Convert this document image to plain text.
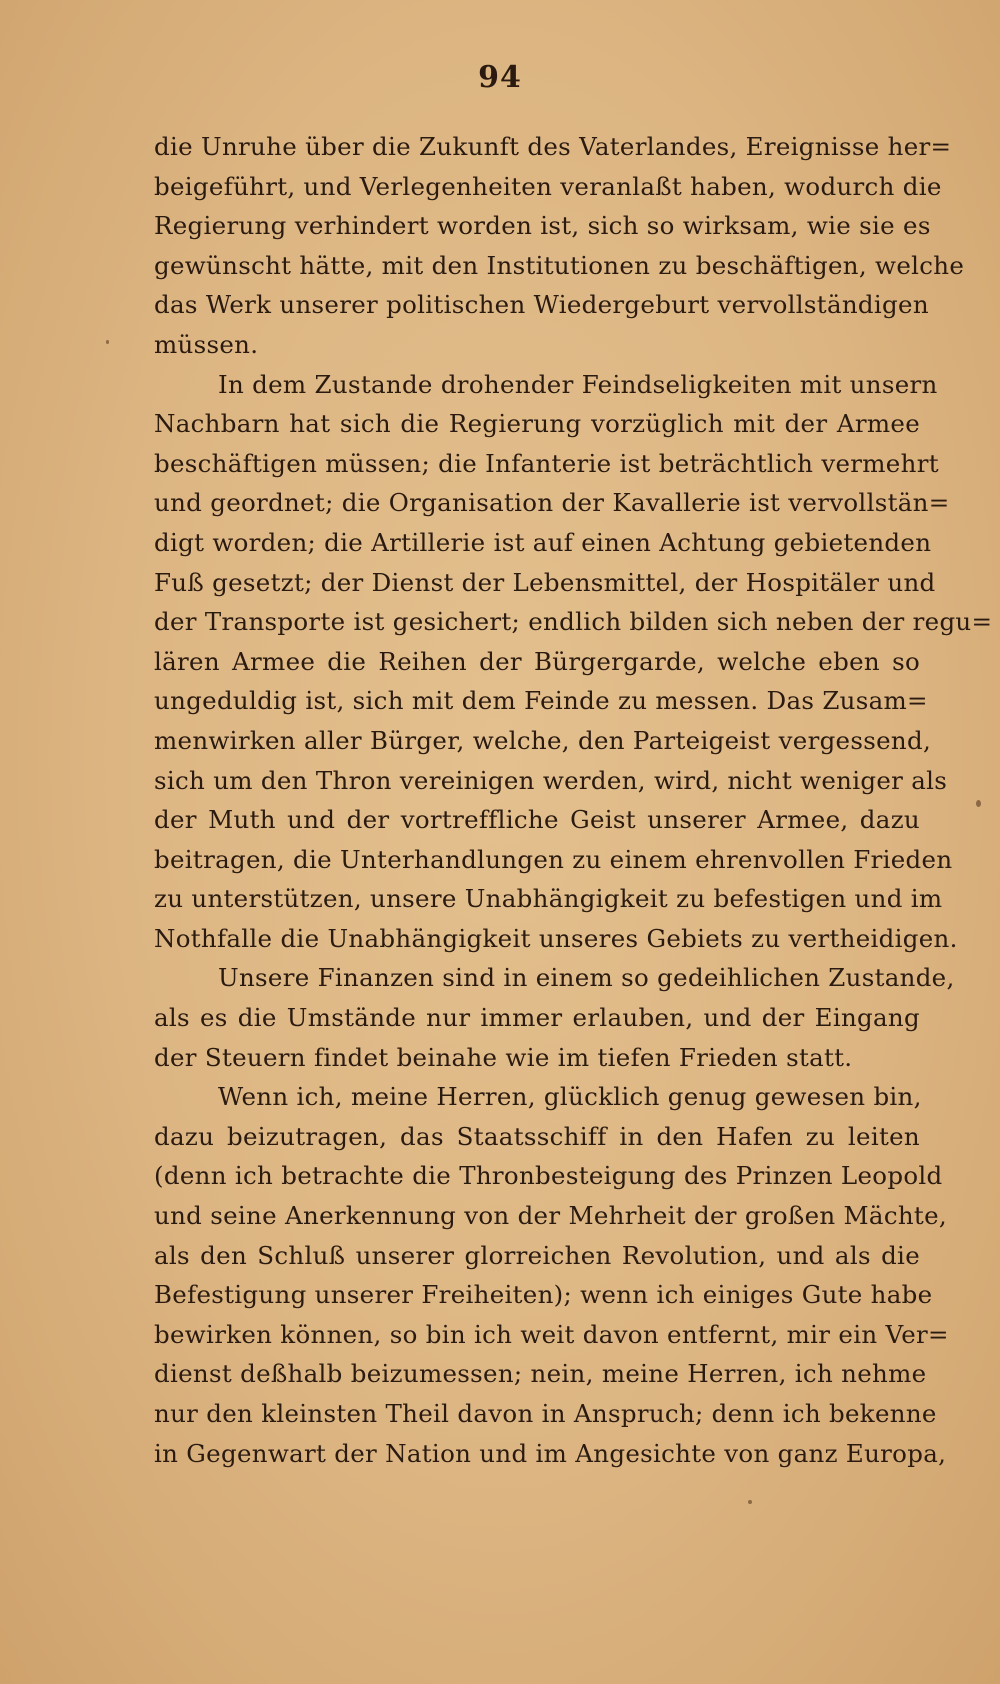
94
die Unruhe über die Zukunft des Vaterlandes, Ereignisse her=
beigeführt, und Verlegenheiten veranlaßt haben, wodurch die
Regierung verhindert worden ist, sich so wirksam, wie sie es
gewünscht hätte, mit den Institutionen zu beschäftigen, welche
das Werk unserer politischen Wiedergeburt vervollständigen
müssen.
In dem Zustande drohender Feindseligkeiten mit unsern
Nachbarn hat sich die Regierung vorzüglich mit der Armee
beschäftigen müssen; die Infanterie ist beträchtlich vermehrt
und geordnet; die Organisation der Kavallerie ist vervollstän=
digt worden; die Artillerie ist auf einen Achtung gebietenden
Fuß gesetzt; der Dienst der Lebensmittel, der Hospitäler und
der Transporte ist gesichert; endlich bilden sich neben der regu=
lären Armee die Reihen der Bürgergarde, welche eben so
ungeduldig ist, sich mit dem Feinde zu messen. Das Zusam=
menwirken aller Bürger, welche, den Parteigeist vergessend,
sich um den Thron vereinigen werden, wird, nicht weniger als
der Muth und der vortreffliche Geist unserer Armee, dazu
beitragen, die Unterhandlungen zu einem ehrenvollen Frieden
zu unterstützen, unsere Unabhängigkeit zu befestigen und im
Nothfalle die Unabhängigkeit unseres Gebiets zu vertheidigen.
Unsere Finanzen sind in einem so gedeihlichen Zustande,
als es die Umstände nur immer erlauben, und der Eingang
der Steuern findet beinahe wie im tiefen Frieden statt.
Wenn ich, meine Herren, glücklich genug gewesen bin,
dazu beizutragen, das Staatsschiff in den Hafen zu leiten
(denn ich betrachte die Thronbesteigung des Prinzen Leopold
und seine Anerkennung von der Mehrheit der großen Mächte,
als den Schluß unserer glorreichen Revolution, und als die
Befestigung unserer Freiheiten); wenn ich einiges Gute habe
bewirken können, so bin ich weit davon entfernt, mir ein Ver=
dienst deßhalb beizumessen; nein, meine Herren, ich nehme
nur den kleinsten Theil davon in Anspruch; denn ich bekenne
in Gegenwart der Nation und im Angesichte von ganz Europa,
